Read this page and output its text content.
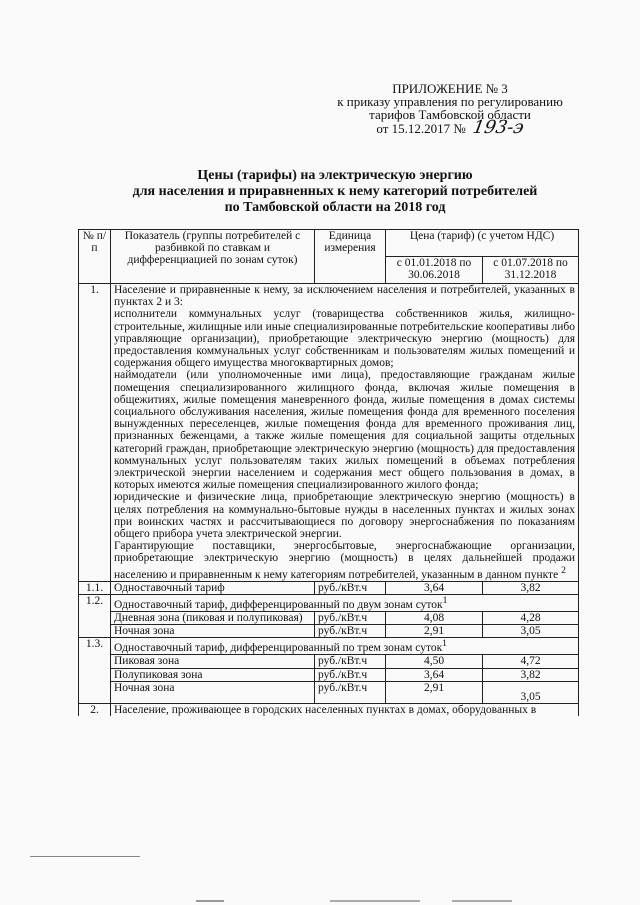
ПРИЛОЖЕНИЕ № 3
к приказу управления по регулированию
тарифов Тамбовской области
от 15.12.2017 № 193-э
Цены (тарифы) на электрическую энергию
для населения и приравненных к нему категорий потребителей
по Тамбовской области на 2018 год
№ п/п	Показатель (группы потребителей с разбивкой по ставкам и дифференциацией по зонам суток)	Единица измерения	Цена (тариф) (с учетом НДС)	
			с 01.01.2018 по 30.06.2018	с 01.07.2018 по 31.12.2018
1.	Население и приравненные к нему, за исключением населения и потребителей, указанных в пунктах 2 и 3:
исполнители коммунальных услуг (товарищества собственников жилья, жилищно-строительные, жилищные или иные специализированные потребительские кооперативы либо управляющие организации), приобретающие электрическую энергию (мощность) для предоставления коммунальных услуг собственникам и пользователям жилых помещений и содержания общего имущества многоквартирных домов;
наймодатели (или уполномоченные ими лица), предоставляющие гражданам жилые помещения специализированного жилищного фонда, включая жилые помещения в общежитиях, жилые помещения маневренного фонда, жилые помещения в домах системы социального обслуживания населения, жилые помещения фонда для временного поселения вынужденных переселенцев, жилые помещения фонда для временного проживания лиц, признанных беженцами, а также жилые помещения для социальной защиты отдельных категорий граждан, приобретающие электрическую энергию (мощность) для предоставления коммунальных услуг пользователям таких жилых помещений в объемах потребления электрической энергии населением и содержания мест общего пользования в домах, в которых имеются жилые помещения специализированного жилого фонда;
юридические и физические лица, приобретающие электрическую энергию (мощность) в целях потребления на коммунально-бытовые нужды в населенных пунктах и жилых зонах при воинских частях и рассчитывающиеся по договору энергоснабжения по показаниям общего прибора учета электрической энергии.
Гарантирующие поставщики, энергосбытовые, энергоснабжающие организации, приобретающие электрическую энергию (мощность) в целях дальнейшей продажи населению и приравненным к нему категориям потребителей, указанным в данном пункте $^2$

1.1.	Одноставочный тариф	руб./кВт.ч	3,64	3,82
1.2.	Одноставочный тариф, дифференцированный по двум зонам суток$^1$
	Дневная зона (пиковая и полупиковая)	руб./кВт.ч	4,08	4,28
	Ночная зона	руб./кВт.ч	2,91	3,05
1.3.	Одноставочный тариф, дифференцированный по трем зонам суток$^1$
	Пиковая зона	руб./кВт.ч	4,50	4,72
	Полупиковая зона	руб./кВт.ч	3,64	3,82
	Ночная зона	руб./кВт.ч	2,91	3,05
2.	Население, проживающее в городских населенных пунктах в домах, оборудованных в			
